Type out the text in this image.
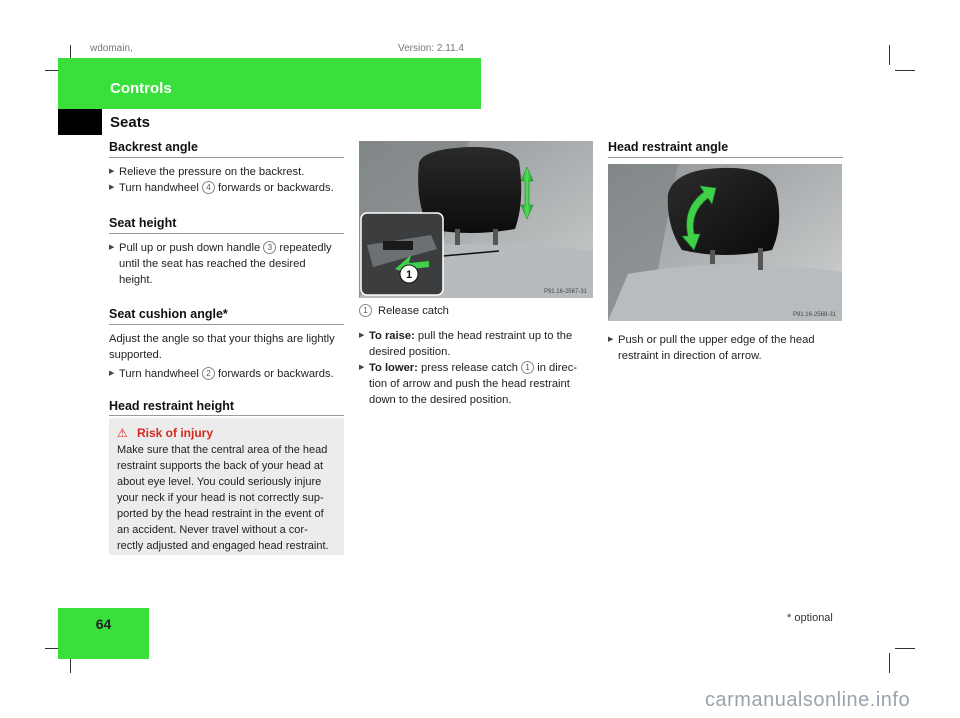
wdomain,	Version: 2.11.4
Controls
Seats
Backrest angle
▶ Relieve the pressure on the backrest.
▶ Turn handwheel 4 forwards or backwards.
Seat height
▶ Pull up or push down handle 3 repeatedly
until the seat has reached the desired
height.
Seat cushion angle*
Adjust the angle so that your thighs are lightly
supported.
▶ Turn handwheel 2 forwards or backwards.
Head restraint height
⚠ Risk of injury
Make sure that the central area of the head
restraint supports the back of your head at
about eye level. You could seriously injure
your neck if your head is not correctly sup-
ported by the head restraint in the event of
an accident. Never travel without a cor-
rectly adjusted and engaged head restraint.
1
P91.16-2567-31
1 Release catch
▶ To raise: pull the head restraint up to the
desired position.
▶ To lower: press release catch 1 in direc-
tion of arrow and push the head restraint
down to the desired position.
Head restraint angle
P91.16-2568-31
▶ Push or pull the upper edge of the head
restraint in direction of arrow.
64	* optional
carmanualsonline.info
